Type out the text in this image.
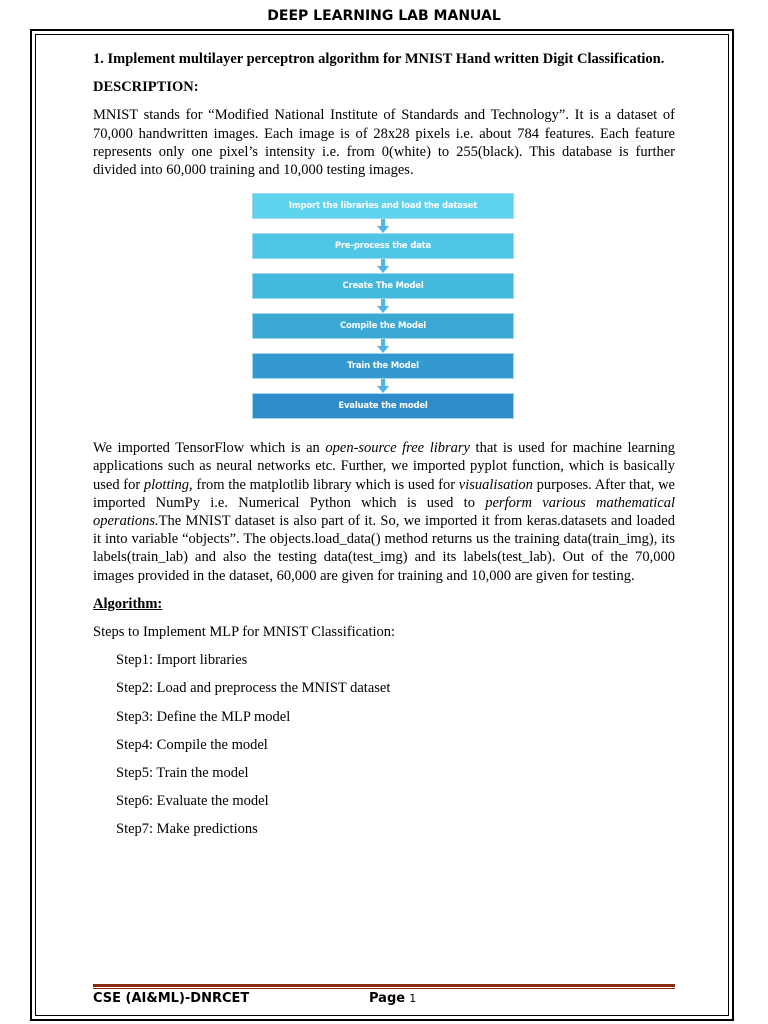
DEEP LEARNING LAB MANUAL

1. Implement multilayer perceptron algorithm for MNIST Hand written Digit Classification.

DESCRIPTION:

MNIST stands for “Modified National Institute of Standards and Technology”. It is a dataset of 70,000 handwritten images. Each image is of 28x28 pixels i.e. about 784 features. Each feature represents only one pixel’s intensity i.e. from 0(white) to 255(black). This database is further divided into 60,000 training and 10,000 testing images.

Import the libraries and load the dataset
Pre-process the data
Create The Model
Compile the Model
Train the Model
Evaluate the model

We imported TensorFlow which is an open-source free library that is used for machine learning applications such as neural networks etc. Further, we imported pyplot function, which is basically used for plotting, from the matplotlib library which is used for visualisation purposes. After that, we imported NumPy i.e. Numerical Python which is used to perform various mathematical operations.The MNIST dataset is also part of it. So, we imported it from keras.datasets and loaded it into variable “objects”. The objects.load_data() method returns us the training data(train_img), its labels(train_lab) and also the testing data(test_img) and its labels(test_lab). Out of the 70,000 images provided in the dataset, 60,000 are given for training and 10,000 are given for testing.

Algorithm:

Steps to Implement MLP for MNIST Classification:

Step1: Import libraries

Step2: Load and preprocess the MNIST dataset

Step3: Define the MLP model

Step4: Compile the model

Step5: Train the model

Step6: Evaluate the model

Step7: Make predictions

CSE (AI&ML)-DNRCET	Page 1
